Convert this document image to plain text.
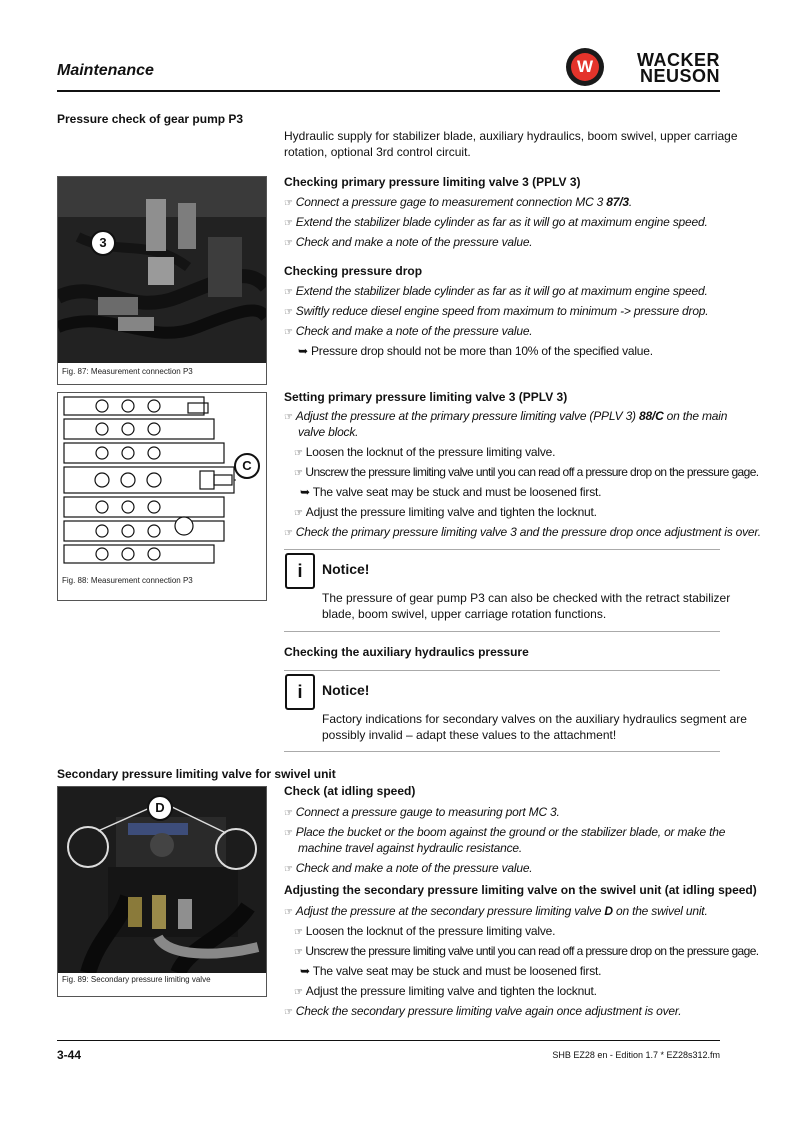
Maintenance	W	WACKER
NEUSON
Pressure check of gear pump P3
Hydraulic supply for stabilizer blade, auxiliary hydraulics, boom swivel, upper carriage
rotation, optional 3rd control circuit.
3
Fig. 87: Measurement connection P3
Checking primary pressure limiting valve 3 (PPLV 3)
☞ Connect a pressure gage to measurement connection MC 3 87/3.
☞ Extend the stabilizer blade cylinder as far as it will go at maximum engine speed.
☞ Check and make a note of the pressure value.
Checking pressure drop
☞ Extend the stabilizer blade cylinder as far as it will go at maximum engine speed.
☞ Swiftly reduce diesel engine speed from maximum to minimum -> pressure drop.
☞ Check and make a note of the pressure value.
➥ Pressure drop should not be more than 10% of the specified value.
C
Fig. 88: Measurement connection P3
Setting primary pressure limiting valve 3 (PPLV 3)
☞ Adjust the pressure at the primary pressure limiting valve (PPLV 3) 88/C on the main
valve block.
☞ Loosen the locknut of the pressure limiting valve.
☞ Unscrew the pressure limiting valve until you can read off a pressure drop on the pressure gage.
➥ The valve seat may be stuck and must be loosened first.
☞ Adjust the pressure limiting valve and tighten the locknut.
☞ Check the primary pressure limiting valve 3 and the pressure drop once adjustment is over.
i	Notice!
The pressure of gear pump P3 can also be checked with the retract stabilizer
blade, boom swivel, upper carriage rotation functions.
Checking the auxiliary hydraulics pressure
i	Notice!
Factory indications for secondary valves on the auxiliary hydraulics segment are
possibly invalid – adapt these values to the attachment!
Secondary pressure limiting valve for swivel unit
D
Fig. 89: Secondary pressure limiting valve
Check (at idling speed)
☞ Connect a pressure gauge to measuring port MC 3.
☞ Place the bucket or the boom against the ground or the stabilizer blade, or make the
machine travel against hydraulic resistance.
☞ Check and make a note of the pressure value.
Adjusting the secondary pressure limiting valve on the swivel unit (at idling speed)
☞ Adjust the pressure at the secondary pressure limiting valve D on the swivel unit.
☞ Loosen the locknut of the pressure limiting valve.
☞ Unscrew the pressure limiting valve until you can read off a pressure drop on the pressure gage.
➥ The valve seat may be stuck and must be loosened first.
☞ Adjust the pressure limiting valve and tighten the locknut.
☞ Check the secondary pressure limiting valve again once adjustment is over.
3-44	SHB EZ28 en - Edition 1.7 * EZ28s312.fm
